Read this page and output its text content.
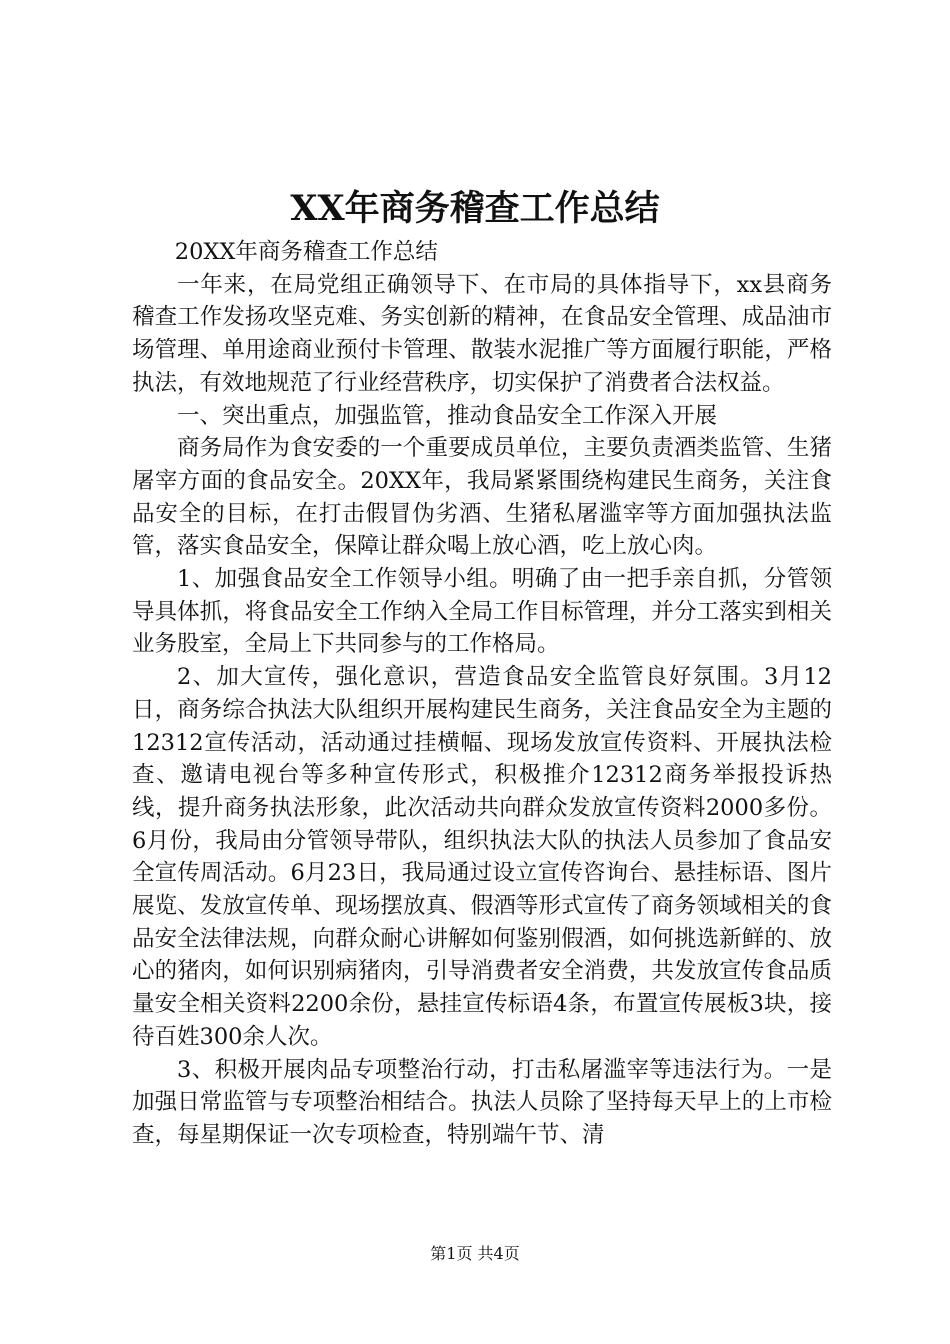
XX年商务稽查工作总结

20XX年商务稽查工作总结

一年来，在局党组正确领导下、在市局的具体指导下，xx县商务稽查工作发扬攻坚克难、务实创新的精神，在食品安全管理、成品油市场管理、单用途商业预付卡管理、散装水泥推广等方面履行职能，严格执法，有效地规范了行业经营秩序，切实保护了消费者合法权益。

一、突出重点，加强监管，推动食品安全工作深入开展

商务局作为食安委的一个重要成员单位，主要负责酒类监管、生猪屠宰方面的食品安全。20XX年，我局紧紧围绕构建民生商务，关注食品安全的目标，在打击假冒伪劣酒、生猪私屠滥宰等方面加强执法监管，落实食品安全，保障让群众喝上放心酒，吃上放心肉。

1、加强食品安全工作领导小组。明确了由一把手亲自抓，分管领导具体抓，将食品安全工作纳入全局工作目标管理，并分工落实到相关业务股室，全局上下共同参与的工作格局。

2、加大宣传，强化意识，营造食品安全监管良好氛围。3月12日，商务综合执法大队组织开展构建民生商务，关注食品安全为主题的12312宣传活动，活动通过挂横幅、现场发放宣传资料、开展执法检查、邀请电视台等多种宣传形式，积极推介12312商务举报投诉热线，提升商务执法形象，此次活动共向群众发放宣传资料2000多份。6月份，我局由分管领导带队，组织执法大队的执法人员参加了食品安全宣传周活动。6月23日，我局通过设立宣传咨询台、悬挂标语、图片展览、发放宣传单、现场摆放真、假酒等形式宣传了商务领域相关的食品安全法律法规，向群众耐心讲解如何鉴别假酒，如何挑选新鲜的、放心的猪肉，如何识别病猪肉，引导消费者安全消费，共发放宣传食品质量安全相关资料2200余份，悬挂宣传标语4条，布置宣传展板3块，接待百姓300余人次。

3、积极开展肉品专项整治行动，打击私屠滥宰等违法行为。一是加强日常监管与专项整治相结合。执法人员除了坚持每天早上的上市检查，每星期保证一次专项检查，特别端午节、清

第1页 共4页
